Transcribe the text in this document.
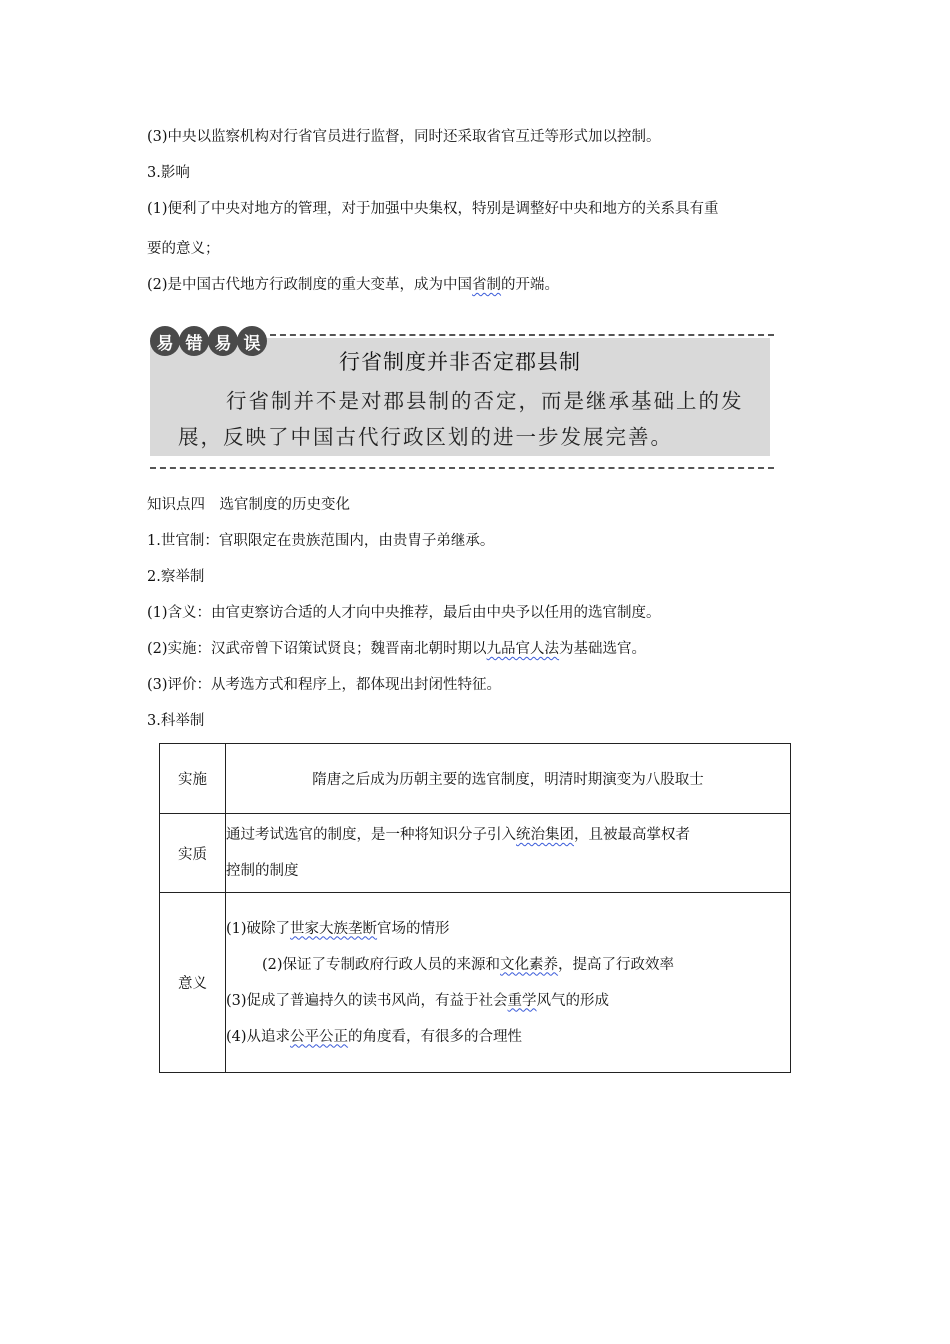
(3)中央以监察机构对行省官员进行监督，同时还采取省官互迁等形式加以控制。

3.影响

(1)便利了中央对地方的管理，对于加强中央集权，特别是调整好中央和地方的关系具有重

要的意义；

(2)是中国古代地方行政制度的重大变革，成为中国省制的开端。

易 错 易 误
行省制度并非否定郡县制
行省制并不是对郡县制的否定，而是继承基础上的发展，反映了中国古代行政区划的进一步发展完善。

知识点四　选官制度的历史变化

1.世官制：官职限定在贵族范围内，由贵胄子弟继承。

2.察举制

(1)含义：由官吏察访合适的人才向中央推荐，最后由中央予以任用的选官制度。

(2)实施：汉武帝曾下诏策试贤良；魏晋南北朝时期以九品官人法为基础选官。

(3)评价：从考选方式和程序上，都体现出封闭性特征。

3.科举制

实施	隋唐之后成为历朝主要的选官制度，明清时期演变为八股取士
实质	通过考试选官的制度，是一种将知识分子引入统治集团，且被最高掌权者
控制的制度

意义	(1)破除了世家大族垄断官场的情形
(2)保证了专制政府行政人员的来源和文化素养，提高了行政效率
(3)促成了普遍持久的读书风尚，有益于社会重学风气的形成
(4)从追求公平公正的角度看，有很多的合理性
